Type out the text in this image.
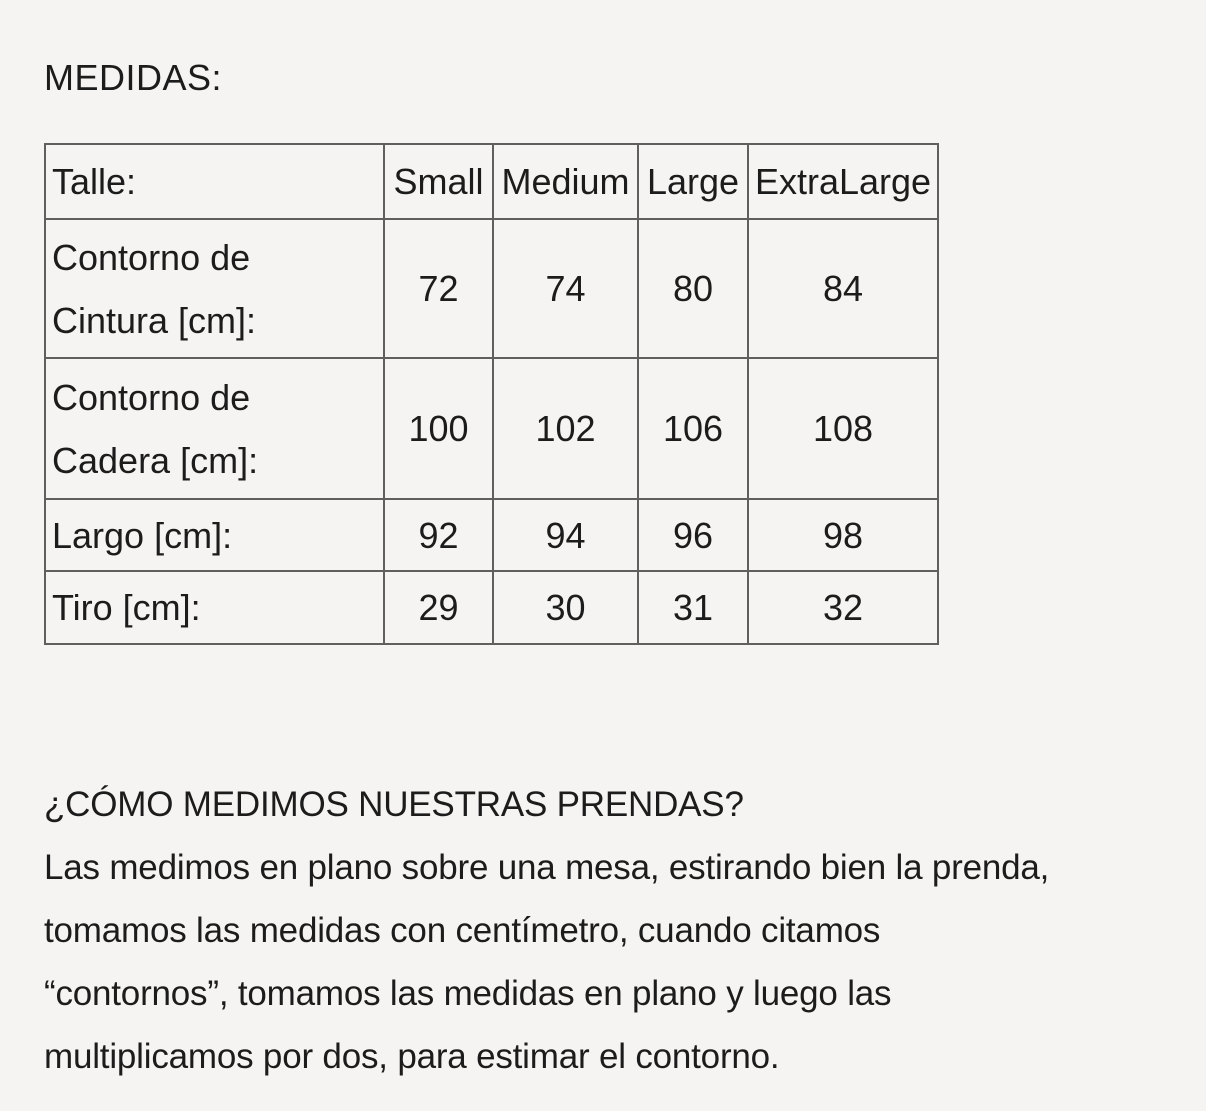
MEDIDAS:
Talle:	Small	Medium	Large	ExtraLarge

Contorno de
Cintura [cm]:	72	74	80	84

Contorno de
Cadera [cm]:	100	102	106	108

Largo [cm]:	92	94	96	98

Tiro [cm]:	29	30	31	32
¿CÓMO MEDIMOS NUESTRAS PRENDAS?
Las medimos en plano sobre una mesa, estirando bien la prenda,
tomamos las medidas con centímetro, cuando citamos
“contornos”, tomamos las medidas en plano y luego las
multiplicamos por dos, para estimar el contorno.
